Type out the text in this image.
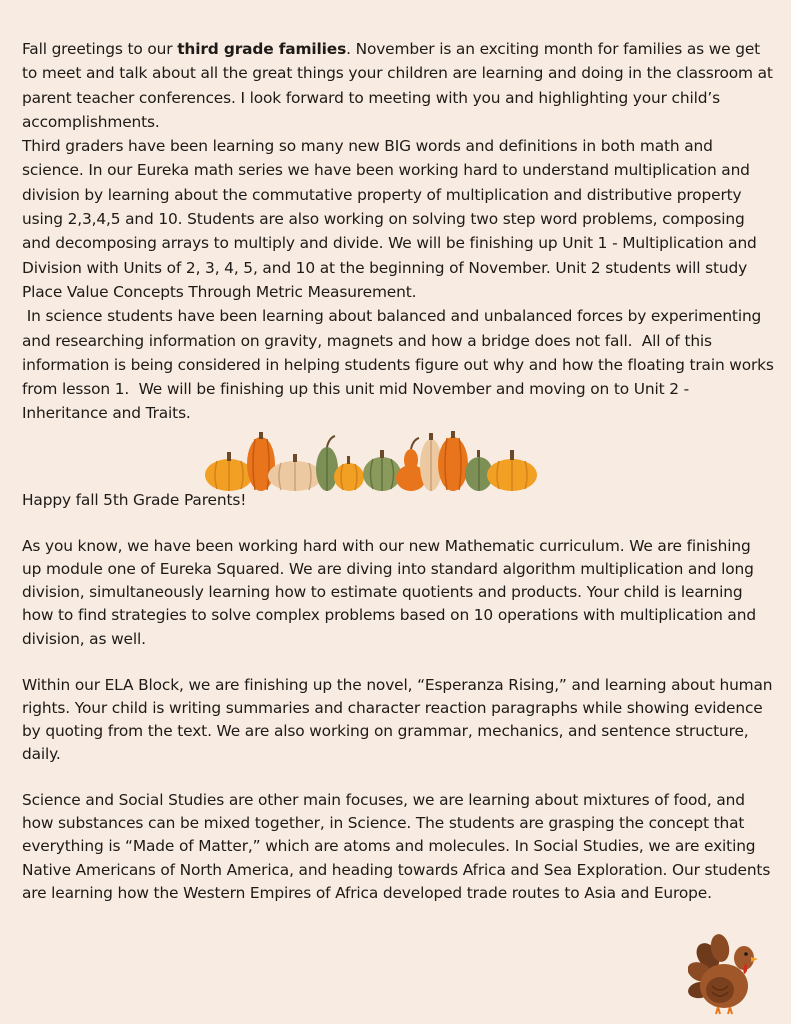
Fall greetings to our third grade families. November is an exciting month for families as we get to meet and talk about all the great things your children are learning and doing in the classroom at parent teacher conferences. I look forward to meeting with you and highlighting your child’s accomplishments.

Third graders have been learning so many new BIG words and definitions in both math and science. In our Eureka math series we have been working hard to understand multiplication and division by learning about the commutative property of multiplication and distributive property using 2,3,4,5 and 10. Students are also working on solving two step word problems, composing and decomposing arrays to multiply and divide. We will be finishing up Unit 1 - Multiplication and Division with Units of 2, 3, 4, 5, and 10 at the beginning of November. Unit 2 students will study Place Value Concepts Through Metric Measurement.

In science students have been learning about balanced and unbalanced forces by experimenting and researching information on gravity, magnets and how a bridge does not fall.  All of this information is being considered in helping students figure out why and how the floating train works from lesson 1.  We will be finishing up this unit mid November and moving on to Unit 2 - Inheritance and Traits.

Happy fall 5th Grade Parents!

As you know, we have been working hard with our new Mathematic curriculum. We are finishing up module one of Eureka Squared. We are diving into standard algorithm multiplication and long division, simultaneously learning how to estimate quotients and products. Your child is learning how to find strategies to solve complex problems based on 10 operations with multiplication and division, as well.

Within our ELA Block, we are finishing up the novel, “Esperanza Rising,” and learning about human rights. Your child is writing summaries and character reaction paragraphs while showing evidence by quoting from the text. We are also working on grammar, mechanics, and sentence structure, daily.

Science and Social Studies are other main focuses, we are learning about mixtures of food, and how substances can be mixed together, in Science. The students are grasping the concept that everything is “Made of Matter,” which are atoms and molecules. In Social Studies, we are exiting Native Americans of North America, and heading towards Africa and Sea Exploration. Our students are learning how the Western Empires of Africa developed trade routes to Asia and Europe.
